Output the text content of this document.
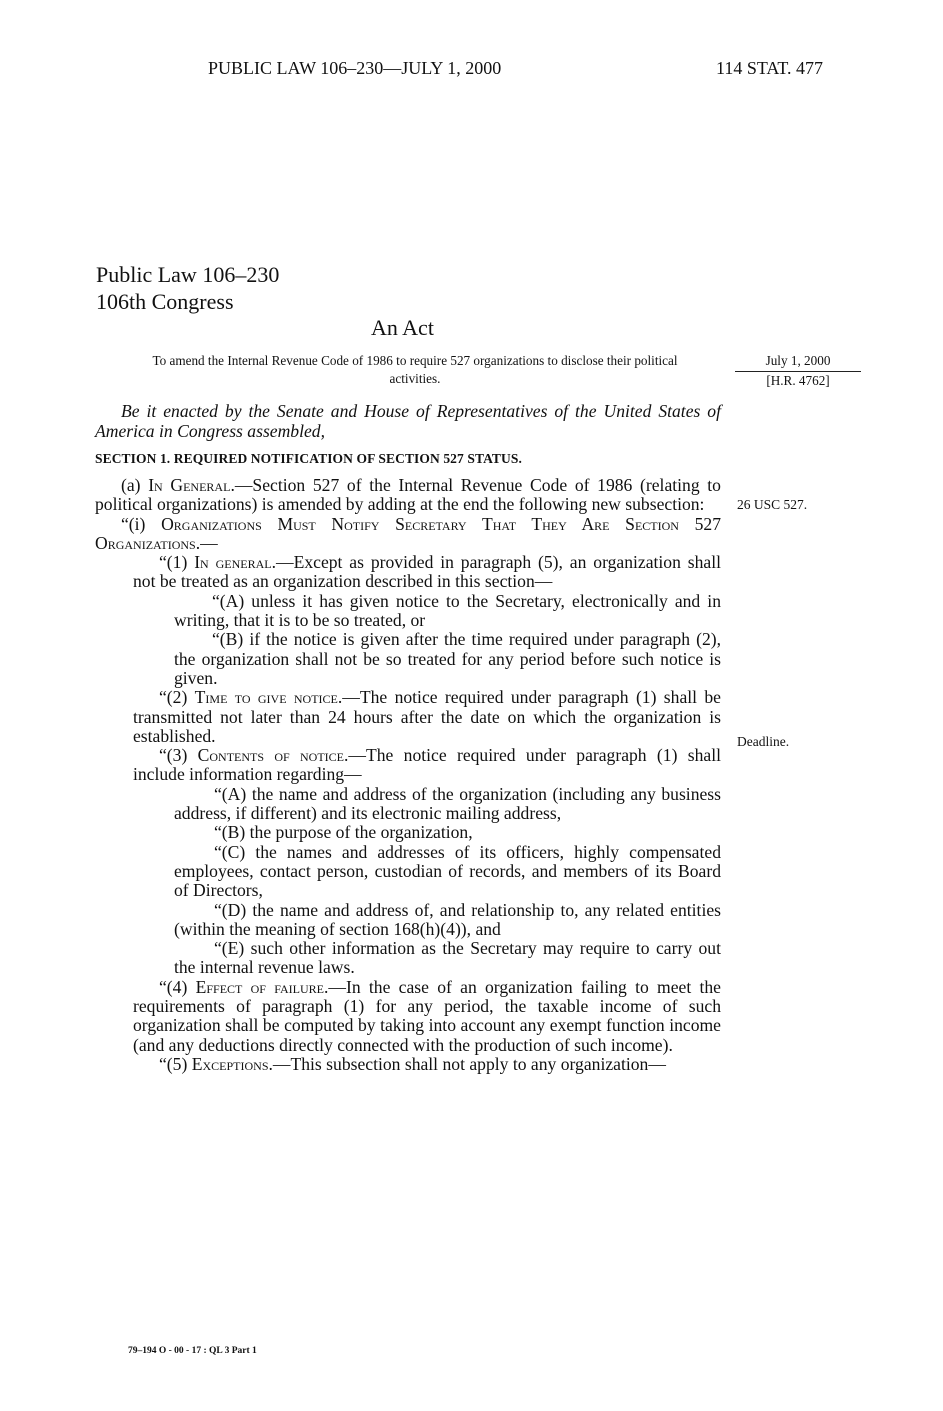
PUBLIC LAW 106–230—JULY 1, 2000	114 STAT. 477
Public Law 106–230
106th Congress
An Act
To amend the Internal Revenue Code of 1986 to require 527 organizations to disclose their political activities.
July 1, 2000
[H.R. 4762]
Be it enacted by the Senate and House of Representatives of the United States of America in Congress assembled,
SECTION 1. REQUIRED NOTIFICATION OF SECTION 527 STATUS.

(a) In General.—Section 527 of the Internal Revenue Code of 1986 (relating to political organizations) is amended by adding at the end the following new subsection:

“(i) Organizations Must Notify Secretary That They Are Section 527 Organizations.—

“(1) In general.—Except as provided in paragraph (5), an organization shall not be treated as an organization described in this section—

“(A) unless it has given notice to the Secretary, electronically and in writing, that it is to be so treated, or

“(B) if the notice is given after the time required under paragraph (2), the organization shall not be so treated for any period before such notice is given.

“(2) Time to give notice.—The notice required under paragraph (1) shall be transmitted not later than 24 hours after the date on which the organization is established.

“(3) Contents of notice.—The notice required under paragraph (1) shall include information regarding—

“(A) the name and address of the organization (including any business address, if different) and its electronic mailing address,

“(B) the purpose of the organization,

“(C) the names and addresses of its officers, highly compensated employees, contact person, custodian of records, and members of its Board of Directors,

“(D) the name and address of, and relationship to, any related entities (within the meaning of section 168(h)(4)), and

“(E) such other information as the Secretary may require to carry out the internal revenue laws.

“(4) Effect of failure.—In the case of an organization failing to meet the requirements of paragraph (1) for any period, the taxable income of such organization shall be computed by taking into account any exempt function income (and any deductions directly connected with the production of such income).

“(5) Exceptions.—This subsection shall not apply to any organization—

26 USC 527.
Deadline.
79–194 O - 00 - 17 : QL 3 Part 1
